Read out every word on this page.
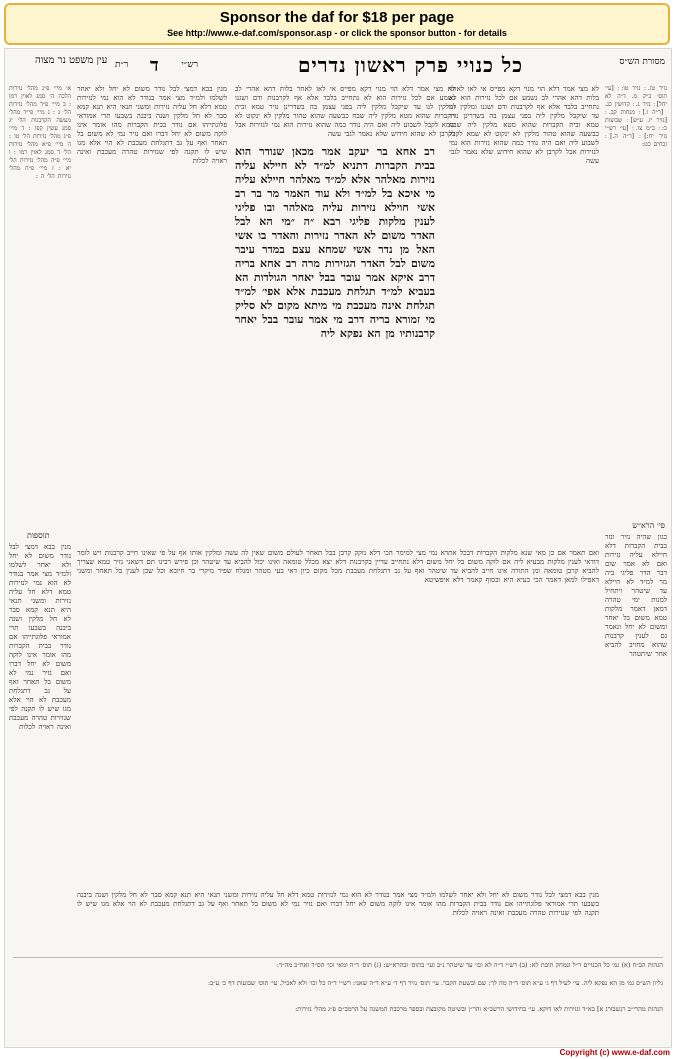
Sponsor the daf for $18 per page
See http://www.e-daf.com/sponsor.asp - or click the sponsor button - for details
מסורת הש״ס
כל כנויי פרק ראשון נדרים
רש״י
ר״ת ד
עין משפט נר מצוה

נזיר טז. ׃ נזיר טו: ׃ [עי׳ תוס׳ ב״ק מ. ד״ה לא יחל] ׃ נזיר ג. ׃ קדושין כג. ׃ [ר״ה ו.] ׃ מנחות קב. ׃ [נזיר יז. ע״ש] ׃ שבועות כ: ׃ ב״מ צו. ׃ [עי׳ רש״י נזיר יח:] ׃ [ר״ה ה.] ׃ זבחים כט:

פי׳ הרא״ש

כגון שהיה נזיר ונזר בבית הקברות דלא חיילא עליה נזירות ואם לא אמר שום דבר הדר פליגי ביה מר למ״ד לא חיילא עד שיטהר ויתחיל למנות ימי טהרה דמאן דאמר מלקות טמא משום בל יאחר ומשום לא יחל ונאמר גם לענין קרבנות שהוא מחויב להביא אחר שיתטהר

לא מצי אמר דלא הוי מנוי דקא מפייס אי לאו לאחר בלות דהא אהרי לב נשמע אם לכל נזירות הוא לא נתחייב בלבד אלא אף לקרבנות ודם ושגנו ומלקין לנו עד שיקבל מלקין ליה בפני עצמן בה בשדרינן נזיר טמא ובית הקברות שהוא מטא מלקין ליה שבח כבשעה שהוא טהור מלקין לא ינקוט לא שמא לקבל לשבוע ליה ואם היה נודר כמה שהוא נזירות הוא נמי לנזירות אבל לקרבן לא שהוא חידוש שלא נאמר לגבי עשה

רב אחא בר יעקב אמר מכאן שנודר הוא בבית הקברות דתניא למ״ד לא חיילא עליה נזירות מאלהר אלא למ״ד מאלהר חיילא עליה מי איכא בל למ״ד ולא עוד האמר מר בר רב אשי חוילא נזירות עליה מאלהר ובו פליגי לענין מלקות פליגי רבא ״ה ״מי הא לבל האדר משום לא האדר נזירות והאדר בו אשי האל מן נדר אשי שמחא עצם במדר עיבר משום לבל האדר הגזירות מרה רב אחא בריה דרב איקא אמר עובר בבל יאחר הגולדות הא בעביא למ״ד תגלחת מעכבת אלא אפי׳ למ״ד תגלחת אינה מעכבת מי מיתא מקום לא סליק מי זמורא בריה דרב מי אמר עובר בבל יאחר קרבנותיו מן הא נפקא ליה

לא מצי אמר דלא הוי מנוי דקא מפייס אי לאו לאחר בלות דהא אהרי לב נשמע אם לכל נזירות הוא לא נתחייב בלבד אלא אף לקרבנות ודם ושגנו ומלקין לנו עד שיקבל מלקין ליה בפני עצמן בה בשדרינן נזיר טמא ובית הקברות שהוא מטא מלקין ליה שבח כבשעה שהוא טהור מלקין לא ינקוט לא שמא לקבל לשבוע ליה ואם היה נודר כמה שהוא נזירות הוא נמי לנזירות אבל לקרבן לא שהוא חידוש שלא נאמר לגבי עשה

מנין בבא דמצי לבל נודר משום לא יחל ולא יאחר לשלמו ולמ״ד מצי אמר בנודר לא הוא נמי לנזירות טמא דלא חל עליה נזירות ומשני תנאי היא תנא קמא סבר לא חל מלקין ושנה ביבנה בשבעו תרי אמוראי פלוגתייהו אם נודר בבית הקברות מהו אומר אינו לוקה משום לא יחל דברו ואם נזיר נמי לא משום בל תאחר ואף על גב דתגלחת מעכבת לא הוי אלא מגו שיש לו תקנה לפי שנזירות טהרה מעכבת ואינה ראויה לכלות

א׳ מיי׳ פ״ג מהל׳ נזירות הלכה ה׳ סמג לאוין רמו : ב מיי׳ פ״ד מהל׳ נזירות הל׳ ג : ג מיי׳ פי״ד מהל׳ מעשה הקרבנות הל׳ יג סמג עשין קפו : ד מיי׳ פ״ג מהל׳ נזירות הל׳ טו : ה מיי׳ פ״א מהל׳ נזירות הל׳ ד סמג לאוין רמו : ו מיי׳ פ״ה מהל׳ נזירות הל׳ יא : ז מיי׳ פ״ח מהל׳ נזירות הל׳ ה :

תוספות

מנין בבא דמצי לבל נודר משום לא יחל ולא יאחר לשלמו ולמ״ד מצי אמר בנודר לא הוא נמי לנזירות טמא דלא חל עליה נזירות ומשני תנאי היא תנא קמא סבר לא חל מלקין ושנה ביבנה בשבעו תרי אמוראי פלוגתייהו אם נודר בבית הקברות מהו אומר אינו לוקה משום לא יחל דברו ואם נזיר נמי לא משום בל תאחר ואף על גב דתגלחת מעכבת לא הוי אלא מגו שיש לו תקנה לפי שנזירות טהרה מעכבת ואינה ראויה לכלות

ואם תאמר אם כן מאי שנא מלקות הקברות דבכל אתרא נמי מצי למימר הכי דלא נזקק קרבן בבל תאחר לעולם משום שאין לה עשה ומלקין אותו אף על פי שאינו חייב קרבנות ויש לומר דודאי לענין מלקות מבעיא ליה אם לוקה משום בל יחל משום דלא נתחייב עדיין בקרבנות דלא יצא מכלל טומאה ואינו יכול להביא עד שיטהר וכן פירש רבינו תם דשאני נזיר טמא שצריך להביא קרבן טומאה ומן התורה אינו חייב להביא עד שיטהר ואף על גב דתגלחת מעכבת מכל מקום כיון דאי בעי מטהר ומגלח שפיר מיקרי בר חיובא וכל שכן לענין בל תאחר ומשני דאפילו למאן דאמר הכי בעיא היא ובסוף קאמר דלא איפשיטא

מנין בבא דמצי לבל נודר משום לא יחל ולא יאחר לשלמו ולמ״ד מצי אמר בנודר לא הוא נמי לנזירות טמא דלא חל עליה נזירות ומשני תנאי היא תנא קמא סבר לא חל מלקין ושנה ביבנה בשבעו תרי אמוראי פלוגתייהו אם נודר בבית הקברות מהו אומר אינו לוקה משום לא יחל דברו ואם נזיר נמי לא משום בל תאחר ואף על גב דתגלחת מעכבת לא הוי אלא מגו שיש לו תקנה לפי שנזירות טהרה מעכבת ואינה ראויה לכלות

הגהות הב״ח (א) גמ׳ כל הכנויים ר״ל ונמחק תיבת לא: (ב) רש״י ד״ה לא וכו׳ עד שיטהר נ״ב ועי׳ בתוס׳ ובהרא״ש: (ג) תוס׳ ד״ה ומאי וכו׳ הס״ד ואח״כ מה״ד:
גליון הש״ס גמ׳ מן הא נפקא ליה. עי׳ לעיל דף ג׳ ע״א תוס׳ ד״ה מה לך: שם ובשעת הקבר. עי׳ תוס׳ נזיר דף ד׳ ע״א ד״ה שאני: רש״י ד״ה כל וכו׳ ולא לאכיל. עי׳ תוס׳ שבועות דף כ׳ ע״ב:
הגהות מהרי״ב רנשבורג א] בא״ד ונזירות לאו דוקא. עי׳ בחידושי הרשב״א והר״ן ובשיטה מקובצת ובספר מרכבת המשנה על הרמב״ם פ״ג מהל׳ נזירות:
Copyright (c) www.e-daf.com
